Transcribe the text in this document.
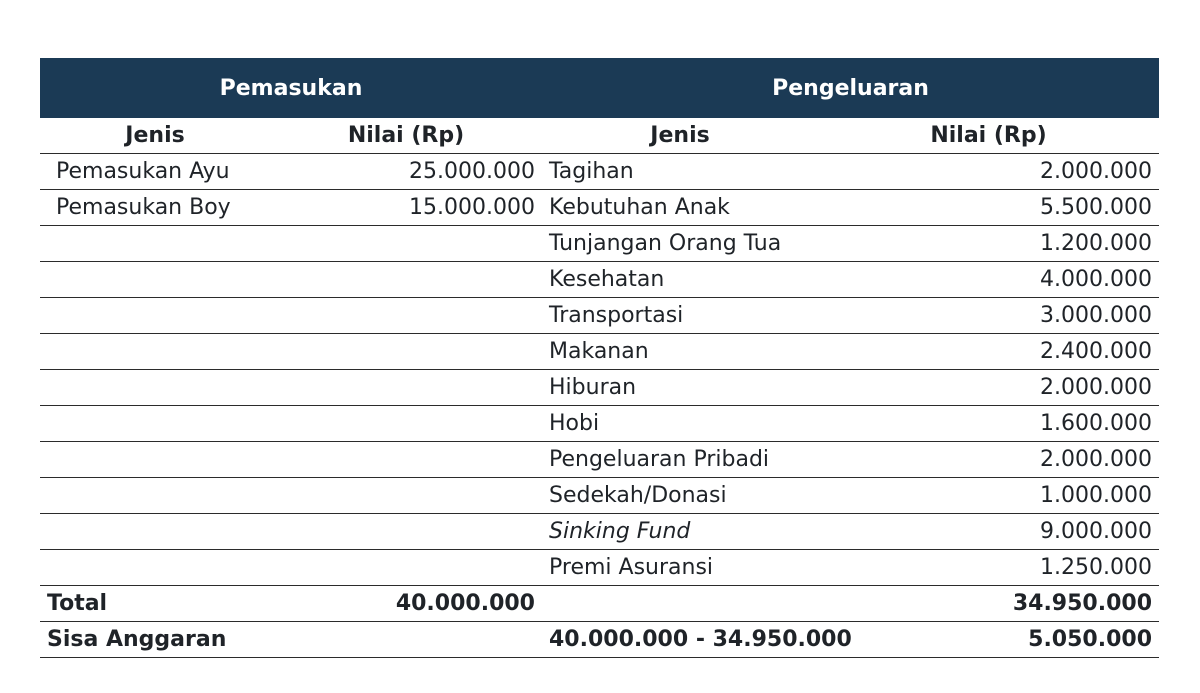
Pemasukan		Pengeluaran	
Jenis	Nilai (Rp)	Jenis	Nilai (Rp)
Pemasukan Ayu	25.000.000	Tagihan	2.000.000
Pemasukan Boy	15.000.000	Kebutuhan Anak	5.500.000
		Tunjangan Orang Tua	1.200.000
		Kesehatan	4.000.000
		Transportasi	3.000.000
		Makanan	2.400.000
		Hiburan	2.000.000
		Hobi	1.600.000
		Pengeluaran Pribadi	2.000.000
		Sedekah/Donasi	1.000.000
		Sinking Fund	9.000.000
		Premi Asuransi	1.250.000
Total	40.000.000		34.950.000
Sisa Anggaran		40.000.000 - 34.950.000	5.050.000
